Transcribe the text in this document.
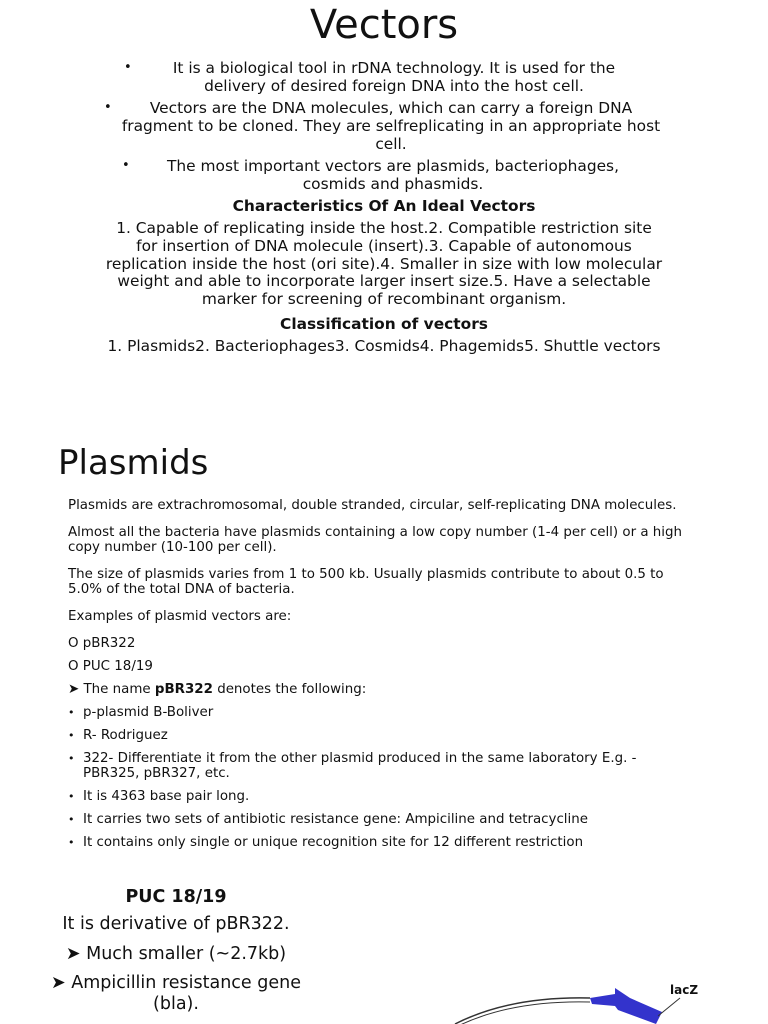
Vectors
•	It is a biological tool in rDNA technology. It is used for the delivery of desired foreign DNA into the host cell.
•	Vectors are the DNA molecules, which can carry a foreign DNA fragment to be cloned. They are selfreplicating in an appropriate host cell.
•	The most important vectors are plasmids, bacteriophages, cosmids and phasmids.
Characteristics Of An Ideal Vectors
1. Capable of replicating inside the host.2. Compatible restriction site for insertion of DNA molecule (insert).3. Capable of autonomous replication inside the host (ori site).4. Smaller in size with low molecular weight and able to incorporate larger insert size.5. Have a selectable marker for screening of recombinant organism.
Classification of vectors
1. Plasmids2. Bacteriophages3. Cosmids4. Phagemids5. Shuttle vectors
Plasmids

Plasmids are extrachromosomal, double stranded, circular, self-replicating DNA molecules.

Almost all the bacteria have plasmids containing a low copy number (1-4 per cell) or a high copy number (10-100 per cell).

The size of plasmids varies from 1 to 500 kb. Usually plasmids contribute to about 0.5 to 5.0% of the total DNA of bacteria.

Examples of plasmid vectors are:

O pBR322

O PUC 18/19

➤ The name pBR322 denotes the following:

• p-plasmid B-Boliver
• R- Rodriguez
• 322- Differentiate it from the other plasmid produced in the same laboratory E.g. - PBR325, pBR327, etc.
• It is 4363 base pair long.
• It carries two sets of antibiotic resistance gene: Ampiciline and tetracycline
• It contains only single or unique recognition site for 12 different restriction
PUC 18/19
It is derivative of pBR322.
➤ Much smaller (~2.7kb)
➤ Ampicillin resistance gene (bla).
lacZ
